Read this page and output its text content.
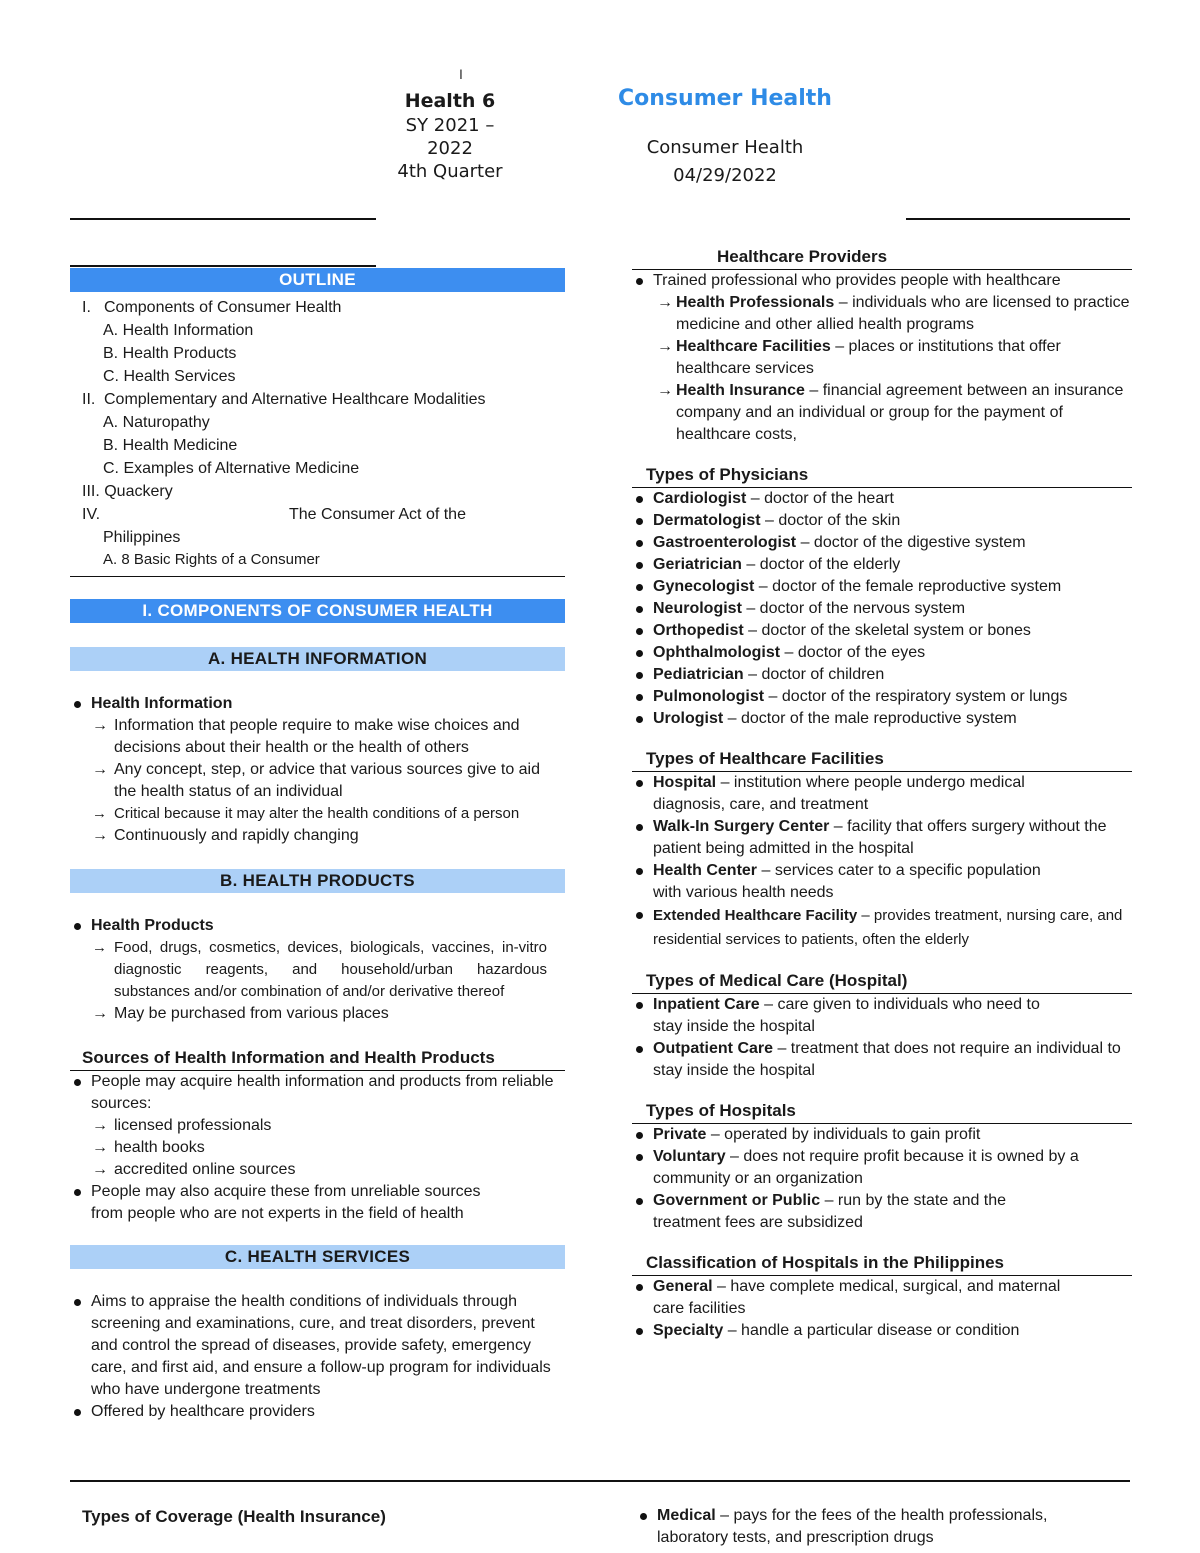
I
Health 6
SY 2021 –
2022
4th Quarter
Consumer Health
Consumer Health
04/29/2022
OUTLINE
I. Components of Consumer Health
A. Health Information
B. Health Products
C. Health Services
II. Complementary and Alternative Healthcare Modalities
A. Naturopathy
B. Health Medicine
C. Examples of Alternative Medicine
III. Quackery
IV.	The Consumer Act of the
Philippines
A. 8 Basic Rights of a Consumer
I. COMPONENTS OF CONSUMER HEALTH
A. HEALTH INFORMATION
Health Information
→ Information that people require to make wise choices and decisions about their health or the health of others
→ Any concept, step, or advice that various sources give to aid the health status of an individual
→ Critical because it may alter the health conditions of a person
→ Continuously and rapidly changing
B. HEALTH PRODUCTS
Health Products
→ Food, drugs, cosmetics, devices, biologicals, vaccines, in-vitro diagnostic reagents, and household/urban hazardous substances and/or combination of and/or derivative thereof
→ May be purchased from various places
Sources of Health Information and Health Products
People may acquire health information and products from reliable sources:
→ licensed professionals
→ health books
→ accredited online sources
People may also acquire these from unreliable sources from people who are not experts in the field of health
C. HEALTH SERVICES
Aims to appraise the health conditions of individuals through screening and examinations, cure, and treat disorders, prevent and control the spread of diseases, provide safety, emergency care, and first aid, and ensure a follow-up program for individuals who have undergone treatments
Offered by healthcare providers
Healthcare Providers
Trained professional who provides people with healthcare
→ Health Professionals – individuals who are licensed to practice medicine and other allied health programs
→ Healthcare Facilities – places or institutions that offer healthcare services
→ Health Insurance – financial agreement between an insurance company and an individual or group for the payment of healthcare costs,
Types of Physicians
Cardiologist – doctor of the heart
Dermatologist – doctor of the skin
Gastroenterologist – doctor of the digestive system
Geriatrician – doctor of the elderly
Gynecologist – doctor of the female reproductive system
Neurologist – doctor of the nervous system
Orthopedist – doctor of the skeletal system or bones
Ophthalmologist – doctor of the eyes
Pediatrician – doctor of children
Pulmonologist – doctor of the respiratory system or lungs
Urologist – doctor of the male reproductive system
Types of Healthcare Facilities
Hospital – institution where people undergo medical diagnosis, care, and treatment
Walk-In Surgery Center – facility that offers surgery without the patient being admitted in the hospital
Health Center – services cater to a specific population with various health needs
Extended Healthcare Facility – provides treatment, nursing care, and residential services to patients, often the elderly
Types of Medical Care (Hospital)
Inpatient Care – care given to individuals who need to stay inside the hospital
Outpatient Care – treatment that does not require an individual to stay inside the hospital
Types of Hospitals
Private – operated by individuals to gain profit
Voluntary – does not require profit because it is owned by a community or an organization
Government or Public – run by the state and the treatment fees are subsidized
Classification of Hospitals in the Philippines
General – have complete medical, surgical, and maternal care facilities
Specialty – handle a particular disease or condition
Types of Coverage (Health Insurance)	Medical – pays for the fees of the health professionals, laboratory tests, and prescription drugs
